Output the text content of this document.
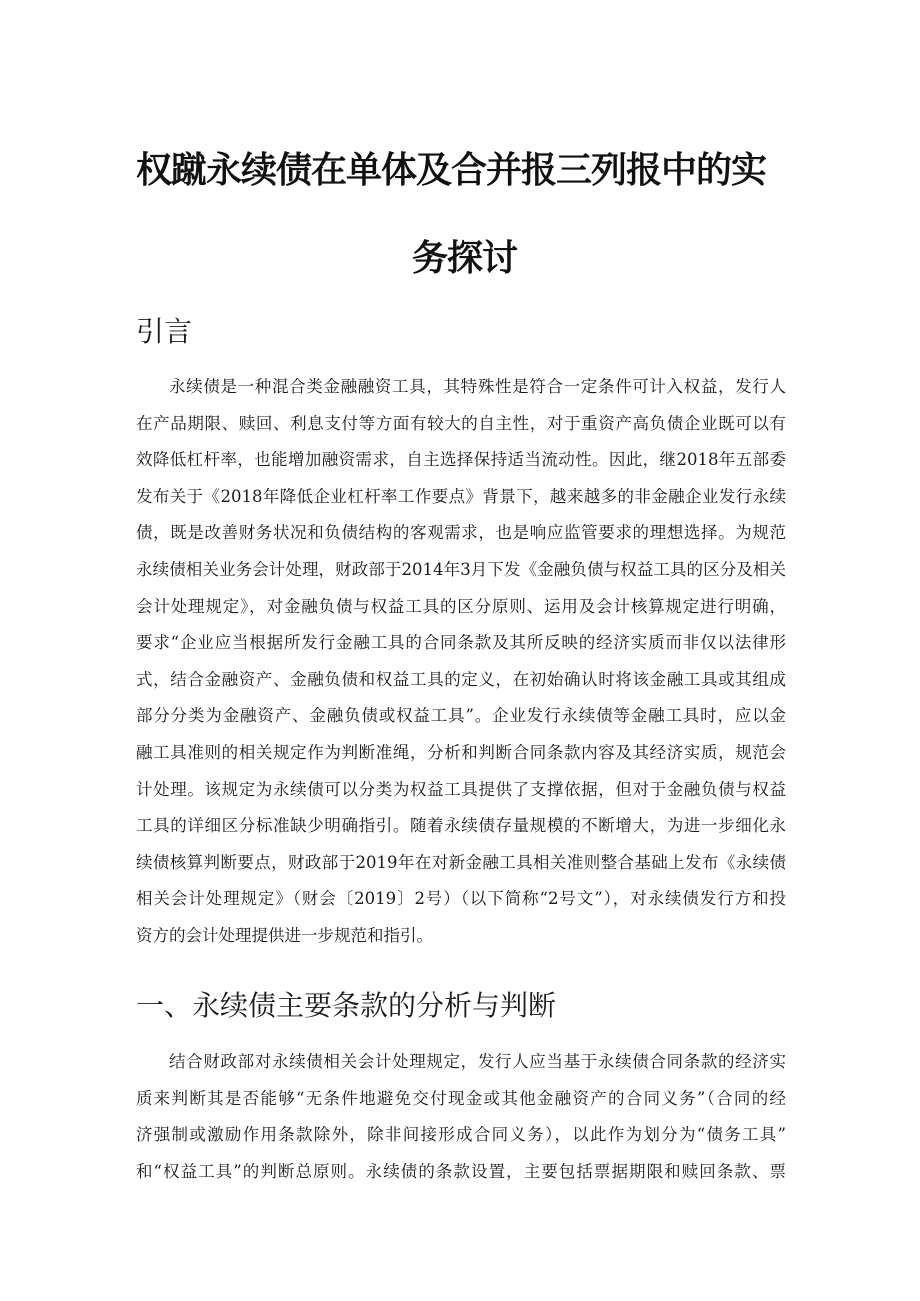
权蹴永续债在单体及合并报三列报中的实
务探讨
引言
永续债是一种混合类金融融资工具，其特殊性是符合一定条件可计入权益，发行人
在产品期限、赎回、利息支付等方面有较大的自主性，对于重资产高负债企业既可以有
效降低杠杆率，也能增加融资需求，自主选择保持适当流动性。因此，继2018年五部委
发布关于《2018年降低企业杠杆率工作要点》背景下，越来越多的非金融企业发行永续
债，既是改善财务状况和负债结构的客观需求，也是响应监管要求的理想选择。为规范
永续债相关业务会计处理，财政部于2014年3月下发《金融负债与权益工具的区分及相关
会计处理规定》，对金融负债与权益工具的区分原则、运用及会计核算规定进行明确，
要求“企业应当根据所发行金融工具的合同条款及其所反映的经济实质而非仅以法律形
式，结合金融资产、金融负债和权益工具的定义，在初始确认时将该金融工具或其组成
部分分类为金融资产、金融负债或权益工具”。企业发行永续债等金融工具时，应以金
融工具准则的相关规定作为判断准绳，分析和判断合同条款内容及其经济实质，规范会
计处理。该规定为永续债可以分类为权益工具提供了支撑依据，但对于金融负债与权益
工具的详细区分标准缺少明确指引。随着永续债存量规模的不断增大，为进一步细化永
续债核算判断要点，财政部于2019年在对新金融工具相关准则整合基础上发布《永续债
相关会计处理规定》（财会〔2019〕2号）（以下简称“2号文”），对永续债发行方和投
资方的会计处理提供进一步规范和指引。
一、永续债主要条款的分析与判断
结合财政部对永续债相关会计处理规定，发行人应当基于永续债合同条款的经济实
质来判断其是否能够“无条件地避免交付现金或其他金融资产的合同义务”（合同的经
济强制或激励作用条款除外，除非间接形成合同义务），以此作为划分为“债务工具”
和“权益工具”的判断总原则。永续债的条款设置，主要包括票据期限和赎回条款、票
